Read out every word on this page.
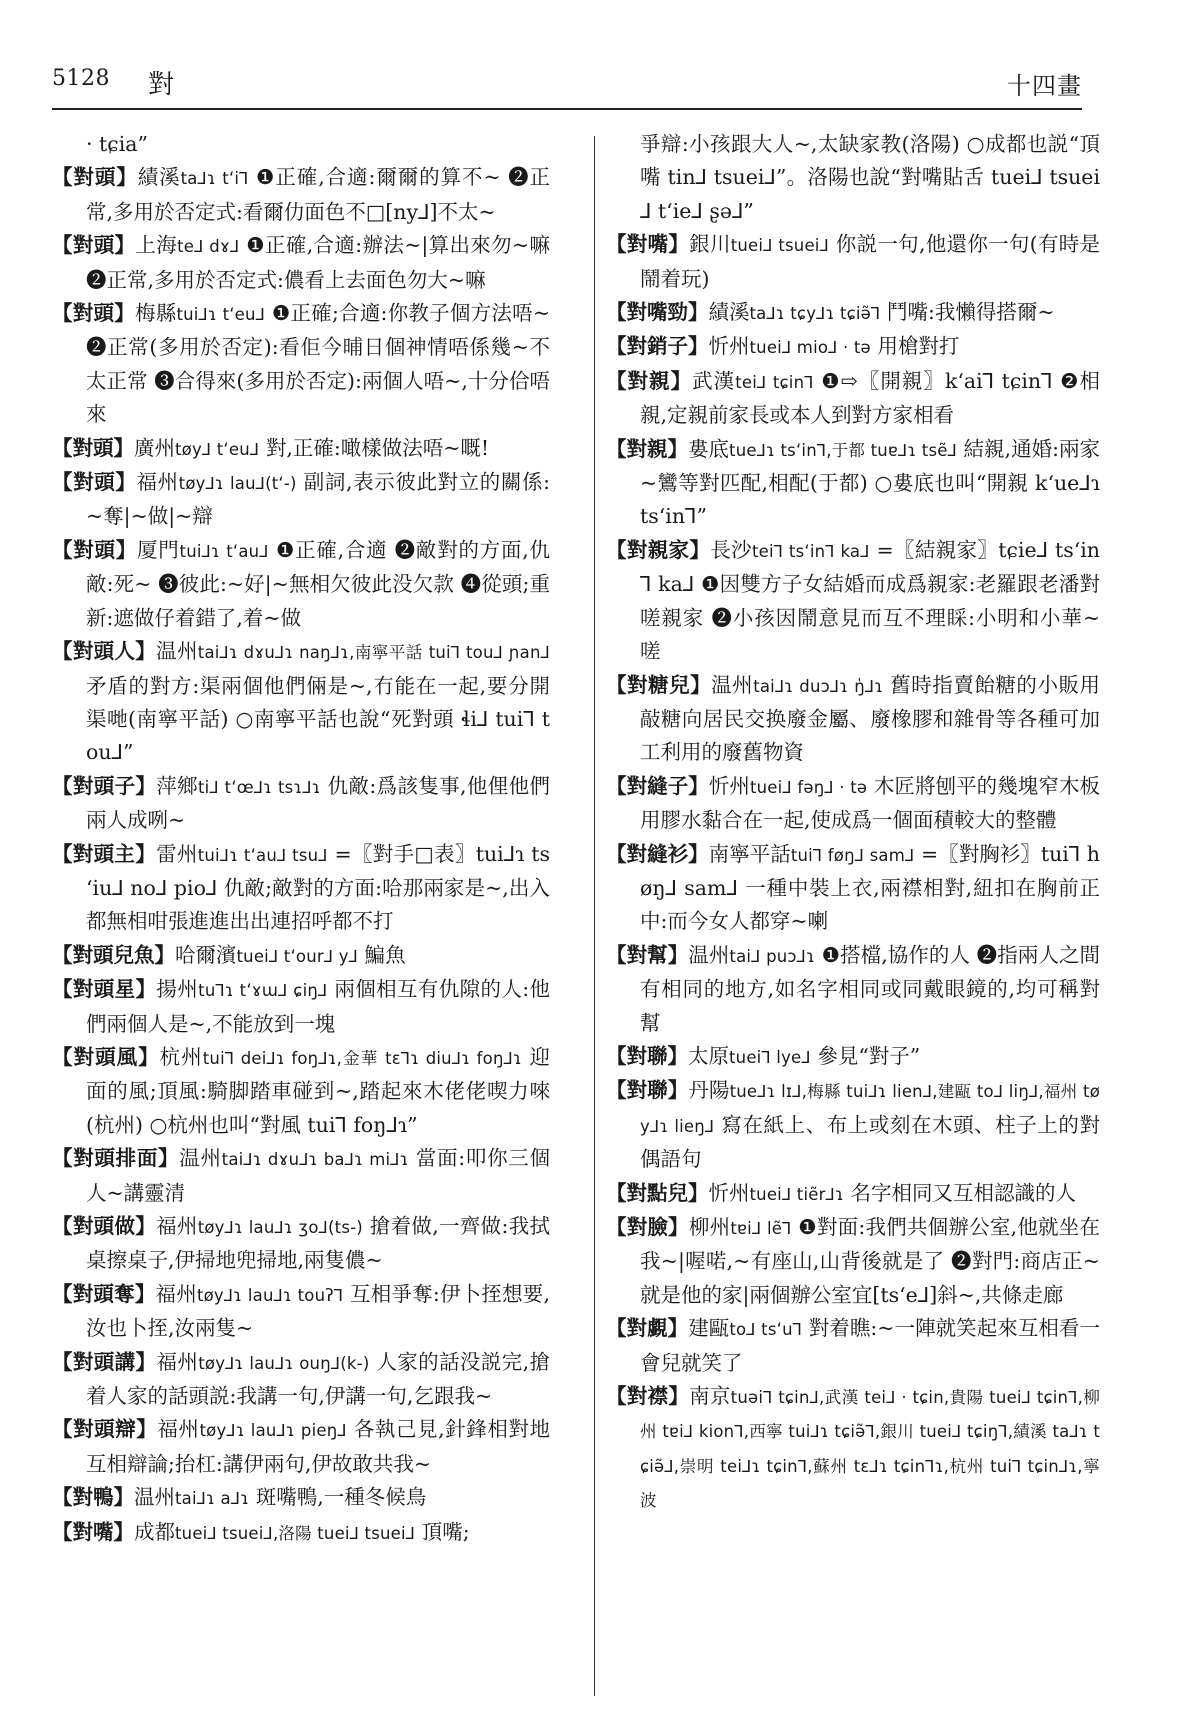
5128 對	十四畫

· tɕia”

【對頭】績溪ta⅃ɿ tʻi⅂ ❶正確,合適:爾爾的算不~ ❷正常,多用於否定式:看爾仂面色不□[ny⅃]不太~

【對頭】上海te⅃ dɤ⅃ ❶正確,合適:辦法~|算出來勿~嘛 ❷正常,多用於否定式:儂看上去面色勿大~嘛

【對頭】梅縣tui⅃ɿ tʻeu⅃ ❶正確;合適:你教子個方法唔~ ❷正常(多用於否定):看佢今晡日個神情唔係幾~不太正常 ❸合得來(多用於否定):兩個人唔~,十分佮唔來

【對頭】廣州tøy⅃ tʻeu⅃ 對,正確:噉樣做法唔~嘅!

【對頭】福州tøy⅃ɿ lau⅃(tʻ-) 副詞,表示彼此對立的關係:~奪|~做|~辯

【對頭】厦門tui⅃ɿ tʻau⅃ ❶正確,合適 ❷敵對的方面,仇敵:死~ ❸彼此:~好|~無相欠彼此没欠款 ❹從頭;重新:遮做仔着錯了,着~做

【對頭人】温州tai⅃ɿ dɤu⅃ɿ naŋ⅃ɿ,南寧平話 tui⅂ tou⅃ ɲan⅃ 矛盾的對方:渠兩個他們倆是~,冇能在一起,要分開渠哋(南寧平話) ○南寧平話也說“死對頭 ɬi⅃ tui⅂ tou⅃”

【對頭子】萍鄉ti⅃ tʻœ⅃ɿ tsɿ⅃ɿ 仇敵:爲該隻事,他俚他們兩人成咧~

【對頭主】雷州tui⅃ɿ tʻau⅃ tsu⅃ =〖對手□表〗tui⅃ɿ tsʻiu⅃ no⅃ pio⅃ 仇敵;敵對的方面:哈那兩家是~,出入都無相咁張進進出出連招呼都不打

【對頭兒魚】哈爾濱tuei⅃ tʻour⅃ y⅃ 鯿魚

【對頭星】揚州tu⅂ɿ tʻɤɯ⅃ ɕiŋ⅃ 兩個相互有仇隙的人:他們兩個人是~,不能放到一塊

【對頭風】杭州tui⅂ dei⅃ɿ foŋ⅃ɿ,金華 tɛ⅂ɿ diu⅃ɿ foŋ⅃ɿ 迎面的風;頂風:騎脚踏車碰到~,踏起來木佬佬喫力唻(杭州) ○杭州也叫“對風 tui⅂ foŋ⅃ɿ”

【對頭排面】温州tai⅃ɿ dɤu⅃ɿ ba⅃ɿ mi⅃ɿ 當面:叩你三個人~講靈清

【對頭做】福州tøy⅃ɿ lau⅃ɿ ʒo⅃(ts-) 搶着做,一齊做:我拭桌擦桌子,伊掃地兜掃地,兩隻儂~

【對頭奪】福州tøy⅃ɿ lau⅃ɿ touʔ⅂ 互相爭奪:伊卜挃想要,汝也卜挃,汝兩隻~

【對頭講】福州tøy⅃ɿ lau⅃ɿ ouŋ⅃(k-) 人家的話没説完,搶着人家的話頭説:我講一句,伊講一句,乞跟我~

【對頭辯】福州tøy⅃ɿ lau⅃ɿ pieŋ⅃ 各執己見,針鋒相對地互相辯論;抬杠:講伊兩句,伊故敢共我~

【對鴨】温州tai⅃ɿ a⅃ɿ 斑嘴鴨,一種冬候鳥

【對嘴】成都tuei⅃ tsuei⅃,洛陽 tuei⅃ tsuei⅃ 頂嘴;

爭辯:小孩跟大人~,太缺家教(洛陽) ○成都也説“頂嘴 tin⅃ tsuei⅃”。洛陽也說“對嘴貼舌 tuei⅃ tsuei⅃ tʻie⅃ ʂə⅃”

【對嘴】銀川tuei⅃ tsuei⅃ 你説一句,他還你一句(有時是鬧着玩)

【對嘴勁】績溪ta⅃ɿ tɕy⅃ɿ tɕiə̃⅂ 鬥嘴:我懶得搭爾~

【對銷子】忻州tuei⅃ mio⅃ · tə 用槍對打

【對親】武漢tei⅃ tɕin⅂ ❶⇨〖開親〗kʻai⅂ tɕin⅂ ❷相親,定親前家長或本人到對方家相看

【對親】婁底tue⅃ɿ tsʻin⅂,于都 tuɐ⅃ɿ tsẽ⅃ 結親,通婚:兩家~鸞等對匹配,相配(于都) ○婁底也叫“開親 kʻue⅃ɿ tsʻin⅂”

【對親家】長沙tei⅂ tsʻin⅂ ka⅃ =〖結親家〗tɕie⅃ tsʻin⅂ ka⅃ ❶因雙方子女結婚而成爲親家:老羅跟老潘對嗟親家 ❷小孩因鬧意見而互不理睬:小明和小華~嗟

【對糖兒】温州tai⅃ɿ duɔ⅃ɿ ŋ̍⅃ɿ 舊時指賣飴糖的小販用敲糖向居民交换廢金屬、廢橡膠和雜骨等各種可加工利用的廢舊物資

【對縫子】忻州tuei⅃ fəŋ⅃ · tə 木匠將刨平的幾塊窄木板用膠水黏合在一起,使成爲一個面積較大的整體

【對縫衫】南寧平話tui⅂ føŋ⅃ sam⅃ =〖對胸衫〗tui⅂ høŋ⅃ sam⅃ 一種中裝上衣,兩襟相對,紐扣在胸前正中:而今女人都穿~喇

【對幫】温州tai⅃ puɔ⅃ɿ ❶搭檔,協作的人 ❷指兩人之間有相同的地方,如名字相同或同戴眼鏡的,均可稱對幫

【對聯】太原tuei⅂ lye⅃ 參見“對子”

【對聯】丹陽tue⅃ɿ lɪ⅃,梅縣 tui⅃ɿ lien⅃,建甌 to⅃ liŋ⅃,福州 tøy⅃ɿ lieŋ⅃ 寫在紙上、布上或刻在木頭、柱子上的對偶語句

【對點兒】忻州tuei⅃ tiẽr⅃ɿ 名字相同又互相認識的人

【對臉】柳州tɐi⅃ lẽ⅂ ❶對面:我們共個辦公室,他就坐在我~|喔喏,~有座山,山背後就是了 ❷對門:商店正~就是他的家|兩個辦公室宜[tsʻe⅃]斜~,共條走廊

【對覷】建甌to⅃ tsʻu⅂ 對着瞧:~一陣就笑起來互相看一會兒就笑了

【對襟】南京tuəi⅂ tɕin⅃,武漢 tei⅃ · tɕin,貴陽 tuei⅃ tɕin⅂,柳州 tɐi⅃ kion⅂,西寧 tui⅃ɿ tɕiə̃⅂,銀川 tuei⅃ tɕiŋ⅂,績溪 ta⅃ɿ tɕiə̃⅃,崇明 tei⅃ɿ tɕin⅂,蘇州 tɛ⅃ɿ tɕin⅂ɿ,杭州 tui⅂ tɕin⅃ɿ,寧波
